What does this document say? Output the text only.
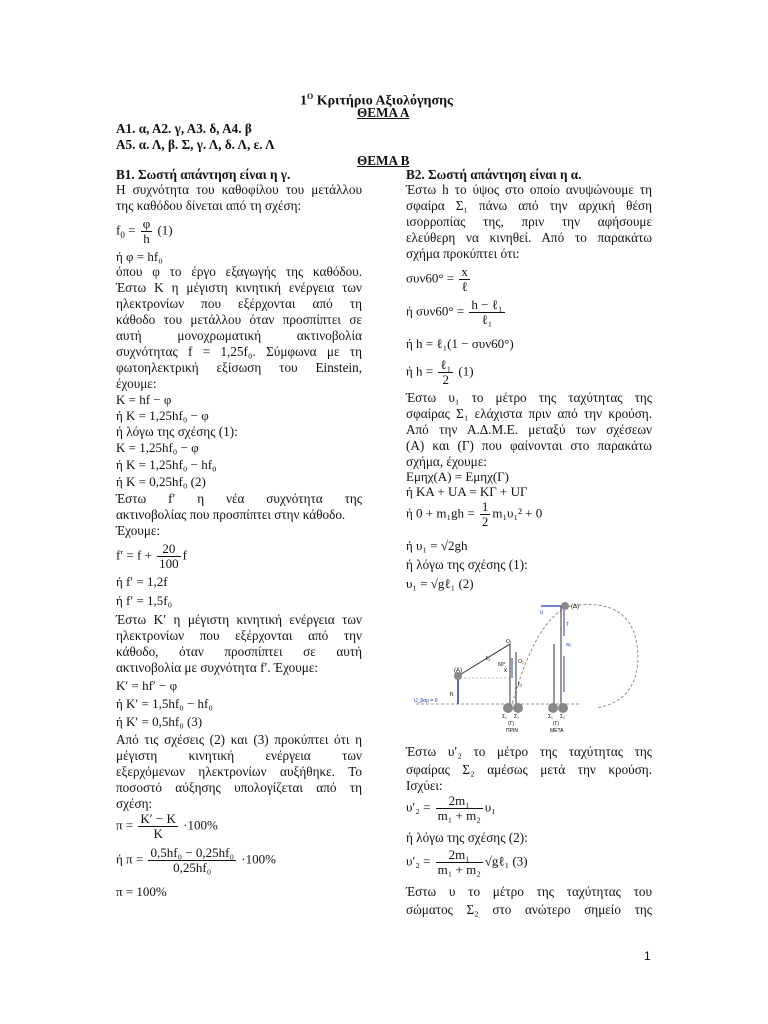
$1^O$ Κριτήριο Αξιολόγησης
ΘΕΜΑ Α
Α1. α, Α2. γ, Α3. δ, Α4. β
Α5. α. Λ, β. Σ, γ. Λ, δ. Λ, ε. Λ
ΘΕΜΑ Β
Β1. Σωστή απάντηση είναι η γ.
Η συχνότητα του καθοφίλου του μετάλλου
της καθόδου δίνεται από τη σχέση:
$f_0 = \frac{\varphi}{h} (1)$
ή φ = hf₀
όπου φ το έργο εξαγωγής της καθόδου.
Έστω Κ η μέγιστη κινητική ενέργεια των
ηλεκτρονίων που εξέρχονται από τη
κάθοδο του μετάλλου όταν προσπίπτει σε
αυτή μονοχρωματική ακτινοβολία
συχνότητας f = 1,25f₀. Σύμφωνα με τη
φωτοηλεκτρική εξίσωση του Einstein,
έχουμε:
K = hf − φ
ή K = 1,25hf₀ − φ
ή λόγω της σχέσης (1):
K = 1,25hf₀ − φ
ή K = 1,25hf₀ − hf₀
ή K = 0,25hf₀ (2)
Έστω f′ η νέα συχνότητα της
ακτινοβολίας που προσπίπτει στην κάθοδο.
Έχουμε:
$f' = f + \frac{20}{100}$ f
ή f′ = 1,2f
ή f′ = 1,5f₀
Έστω K′ η μέγιστη κινητική ενέργεια των
ηλεκτρονίων που εξέρχονται από την
κάθοδο, όταν προσπίπτει σε αυτή
ακτινοβολία με συχνότητα f′. Έχουμε:
K′ = hf′ − φ
ή K′ = 1,5hf₀ − hf₀
ή K′ = 0,5hf₀ (3)
Από τις σχέσεις (2) και (3) προκύπτει ότι η
μέγιστη κινητική ενέργεια των
εξερχόμενων ηλεκτρονίων αυξήθηκε. Το
ποσοστό αύξησης υπολογίζεται από τη
σχέση:
$\pi = \frac{K' - K}{K} \cdot 100\%$
ή $\pi = \frac{\text{0,5hf₀ − 0,25hf₀}}{\text{0,25hf₀}} \cdot 100\%$
π = 100%
Β2. Σωστή απάντηση είναι η α.
Έστω h το ύψος στο οποίο ανυψώνουμε τη
σφαίρα Σ₁ πάνω από την αρχική θέση
ισορροπίας της, πριν την αφήσουμε
ελεύθερη να κινηθεί. Από το παρακάτω
σχήμα προκύπτει ότι:
$\sigma\upsilon\nu 60^\circ = \frac{x}{\text{ℓ}}$
ή $\sigma\upsilon\nu 60^\circ = \frac{\text{h − ℓ₁}}{\text{ℓ₁}}$
ή h = ℓ₁(1 − συν60°)
ή $h = \frac{\text{ℓ₁}}{2} (1)$
Έστω υ₁ το μέτρο της ταχύτητας της
σφαίρας Σ₁ ελάχιστα πριν από την κρούση.
Από την Α.Δ.Μ.Ε. μεταξύ των σχέσεων
(Α) και (Γ) που φαίνονται στο παρακάτω
σχήμα, έχουμε:
Εμηχ(Α) = Εμηχ(Γ)
ή KA + UA = KΓ + UΓ
ή $0 + m_1gh = \frac{1}{2} m_1\upsilon_1^2 + 0$
ή υ₁ = √2gh
ή λόγω της σχέσης (1):
υ₁ = √gℓ₁ (2)
(A)
(Δ)
60°
O₁
O₂
ℓ₁
ℓ₂
h
x
Σ₁ Σ₂
(Γ)
ΠΡΙΝ
Σ₁ Σ₂
(Γ)
ΜΕΤΑ
U_βαρ = 0
υ
T
w₂
Έστω υ′₂ το μέτρο της ταχύτητας της
σφαίρας Σ₂ αμέσως μετά την κρούση.
Ισχύει:
$\upsilon'_2 = \frac{\text{2m₁}}{\text{m₁ + m₂}} \upsilon_1$
ή λόγω της σχέσης (2):
$\upsilon'_2 = \frac{\text{2m₁}}{\text{m₁ + m₂}}$ √gℓ₁ (3)
Έστω υ το μέτρο της ταχύτητας του
σώματος Σ₂ στο ανώτερο σημείο της
1
